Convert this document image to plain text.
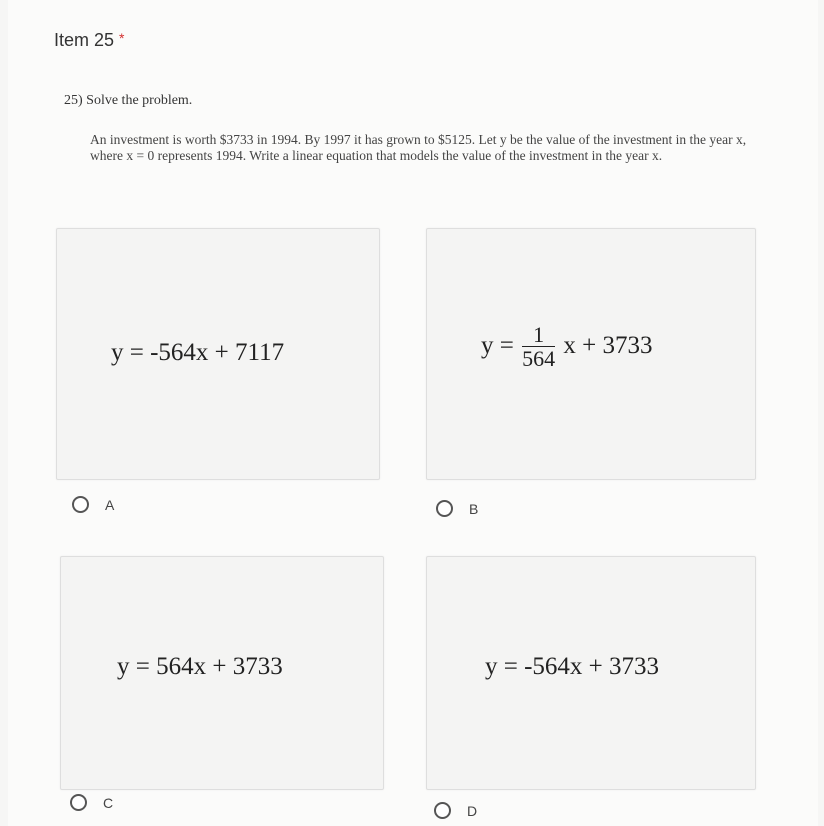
Item 25 *
25) Solve the problem.
An investment is worth $3733 in 1994. By 1997 it has grown to $5125. Let y be the value of the investment in the year x, where x = 0 represents 1994. Write a linear equation that models the value of the investment in the year x.
y = -564x + 7117
A
$y = \frac{1}{564}$ x + 3733
B
y = 564x + 3733
C
y = -564x + 3733
D
